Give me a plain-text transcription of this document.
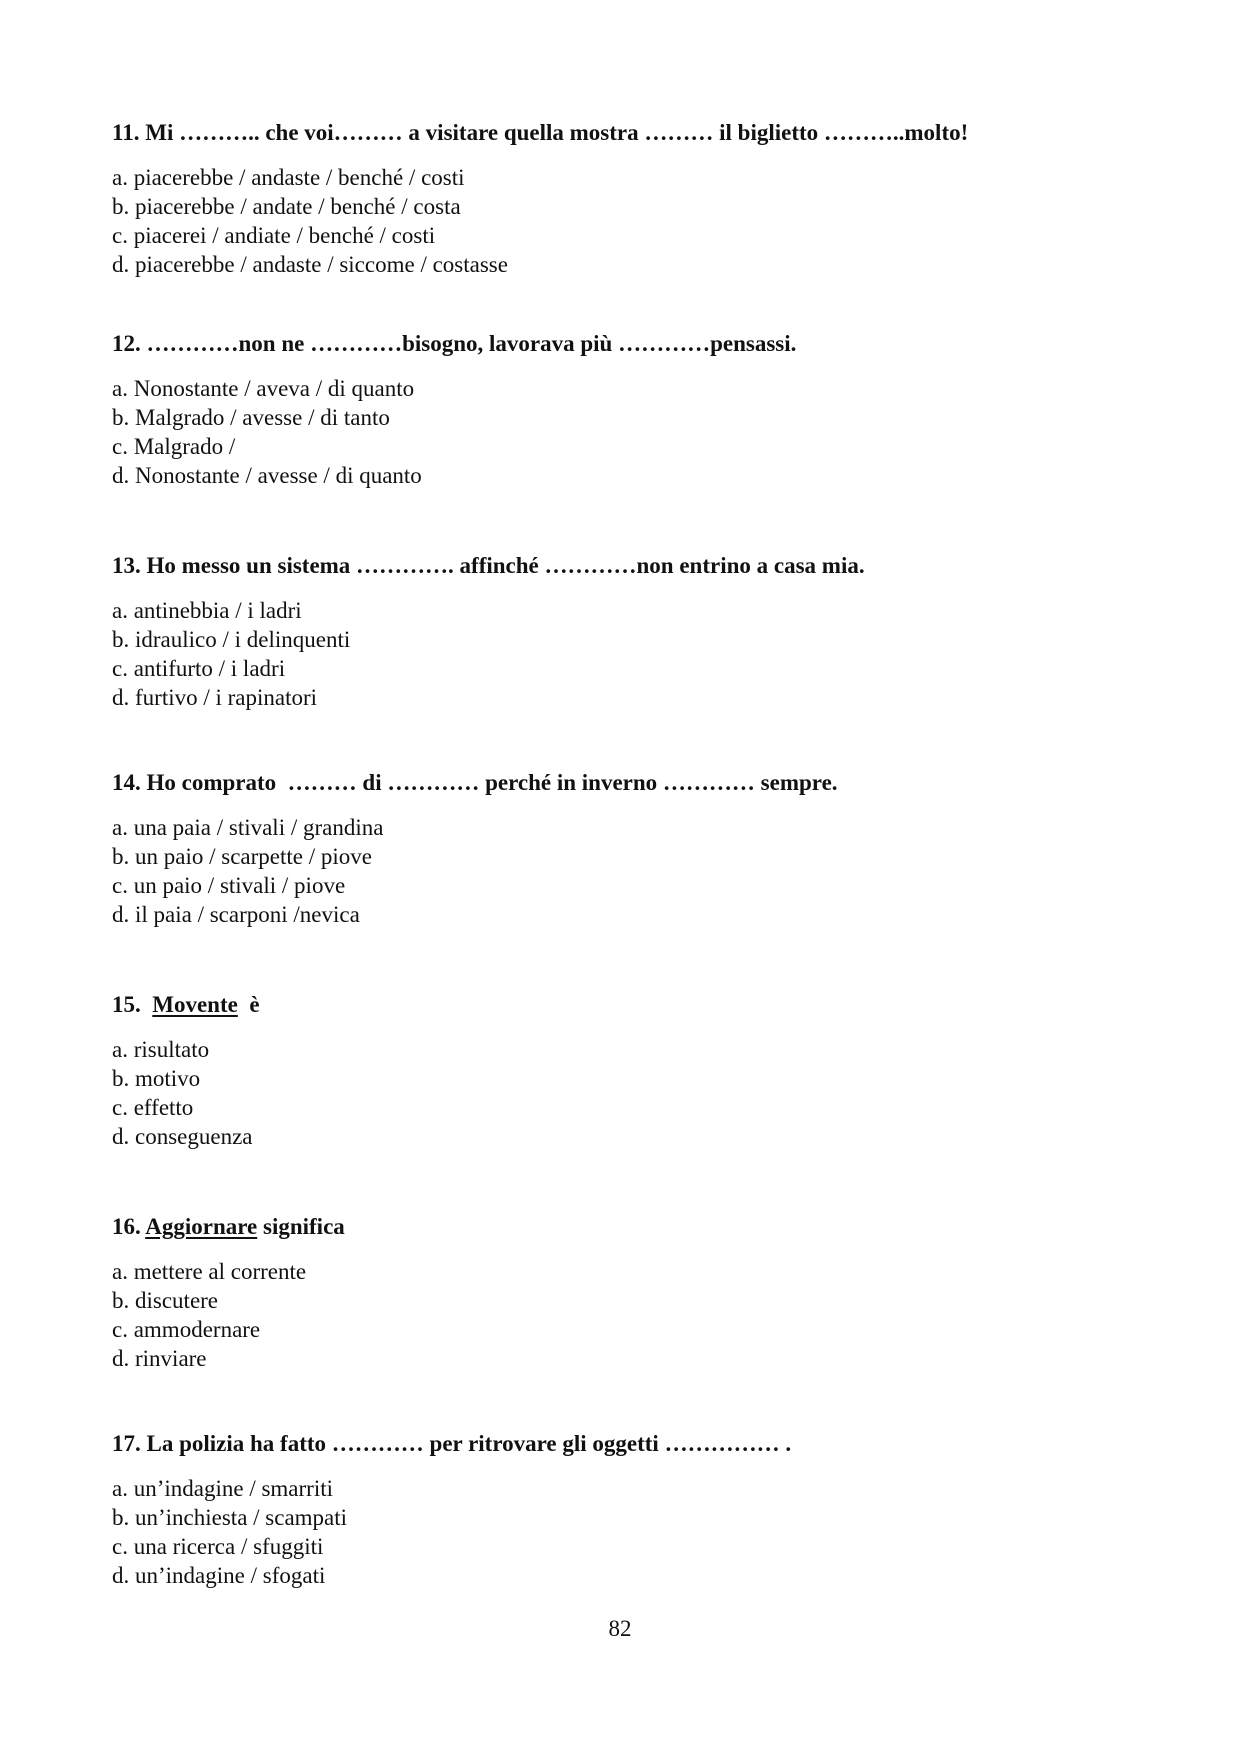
11. Mi ……….. che voi……… a visitare quella mostra ……… il biglietto ………..molto!

a. piacerebbe / andaste / benché / costi
b. piacerebbe / andate / benché / costa
c. piacerei / andiate / benché / costi
d. piacerebbe / andaste / siccome / costasse

12. …………non ne …………bisogno, lavorava più …………pensassi.

a. Nonostante / aveva / di quanto
b. Malgrado / avesse / di tanto
c. Malgrado /
d. Nonostante / avesse / di quanto

13. Ho messo un sistema …………. affinché …………non entrino a casa mia.

a. antinebbia / i ladri
b. idraulico / i delinquenti
c. antifurto / i ladri
d. furtivo / i rapinatori

14. Ho comprato  ……… di ………… perché in inverno ………… sempre.

a. una paia / stivali / grandina
b. un paio / scarpette / piove
c. un paio / stivali / piove
d. il paia / scarponi /nevica

15. Movente  è

a. risultato
b. motivo
c. effetto
d. conseguenza

16. Aggiornare significa

a. mettere al corrente
b. discutere
c. ammodernare
d. rinviare

17. La polizia ha fatto ………… per ritrovare gli oggetti …………… .

a. un’indagine / smarriti
b. un’inchiesta / scampati
c. una ricerca / sfuggiti
d. un’indagine / sfogati
82
